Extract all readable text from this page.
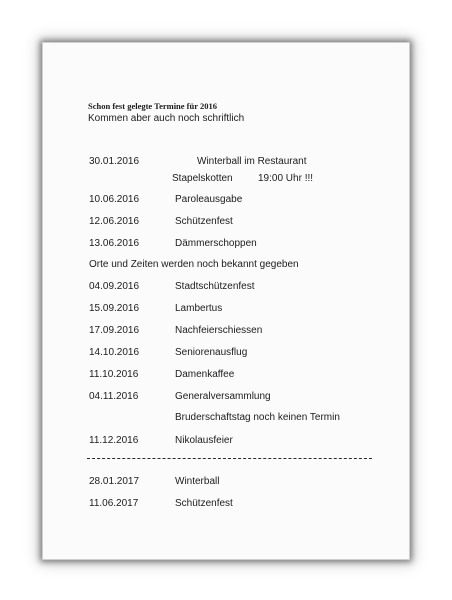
Schon fest gelegte Termine für 2016
Kommen aber auch noch schriftlich
30.01.2016	Winterball im Restaurant
Stapelskotten	19:00 Uhr !!!
10.06.2016	Paroleausgabe
12.06.2016	Schützenfest
13.06.2016	Dämmerschoppen
Orte und Zeiten werden noch bekannt gegeben
04.09.2016	Stadtschützenfest
15.09.2016	Lambertus
17.09.2016	Nachfeierschiessen
14.10.2016	Seniorenausflug
11.10.2016	Damenkaffee
04.11.2016	Generalversammlung
Bruderschaftstag noch keinen Termin
11.12.2016	Nikolausfeier
28.01.2017	Winterball
11.06.2017	Schützenfest
